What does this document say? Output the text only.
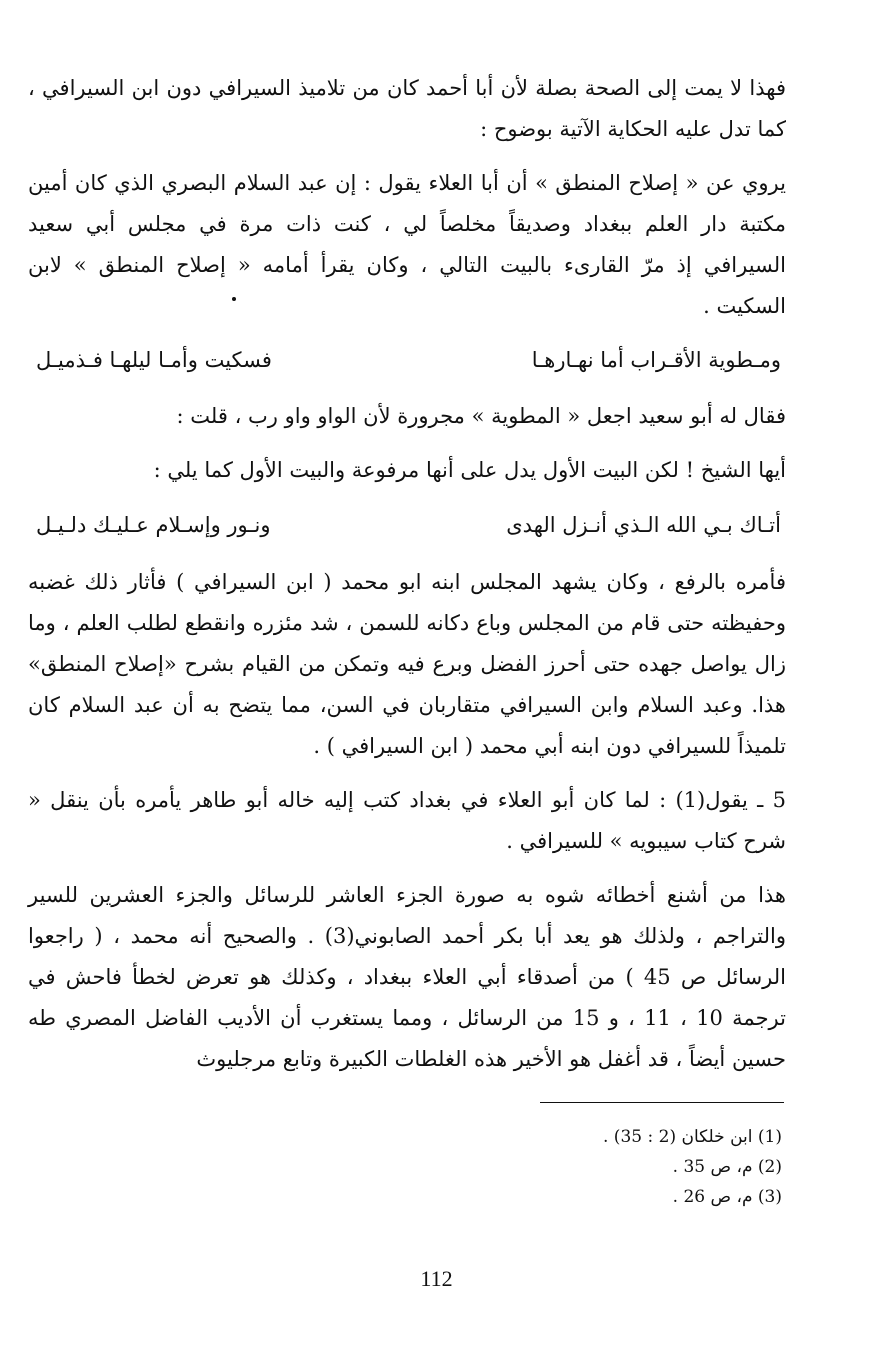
فهذا لا يمت إلى الصحة بصلة لأن أبا أحمد كان من تلاميذ السيرافي دون ابن السيرافي ، كما تدل عليه الحكاية الآتية بوضوح :
يروي عن « إصلاح المنطق » أن أبا العلاء يقول : إن عبد السلام البصري الذي كان أمين مكتبة دار العلم ببغداد وصديقاً مخلصاً لي ، كنت ذات مرة في مجلس أبي سعيد السيرافي إذ مرّ القارىء بالبيت التالي ، وكان يقرأ أمامه « إصلاح المنطق » لابن السكيت .
ومـطوية الأقـراب أما نهـارهـا
فسكيت وأمـا ليلهـا فـذميـل
فقال له أبو سعيد اجعل « المطوية » مجرورة لأن الواو واو رب ، قلت :
أيها الشيخ ! لكن البيت الأول يدل على أنها مرفوعة والبيت الأول كما يلي :
أتـاك بـي الله الـذي أنـزل الهدى
ونـور وإسـلام عـليـك دلـيـل
فأمره بالرفع ، وكان يشهد المجلس ابنه ابو محمد ( ابن السيرافي ) فأثار ذلك غضبه وحفيظته حتى قام من المجلس وباع دكانه للسمن ، شد مئزره وانقطع لطلب العلم ، وما زال يواصل جهده حتى أحرز الفضل وبرع فيه وتمكن من القيام بشرح «إصلاح المنطق» هذا. وعبد السلام وابن السيرافي متقاربان في السن، مما يتضح به أن عبد السلام كان تلميذاً للسيرافي دون ابنه أبي محمد ( ابن السيرافي ) .
5 ـ يقول(1) : لما كان أبو العلاء في بغداد كتب إليه خاله أبو طاهر يأمره بأن ينقل « شرح كتاب سيبويه » للسيرافي .
هذا من أشنع أخطائه شوه به صورة الجزء العاشر للرسائل والجزء العشرين للسير والتراجم ، ولذلك هو يعد أبا بكر أحمد الصابوني(3) . والصحيح أنه محمد ، ( راجعوا الرسائل ص 45 ) من أصدقاء أبي العلاء ببغداد ، وكذلك هو تعرض لخطأ فاحش في ترجمة 10 ، 11 ، و 15 من الرسائل ، ومما يستغرب أن الأديب الفاضل المصري طه حسين أيضاً ، قد أغفل هو الأخير هذه الغلطات الكبيرة وتابع مرجليوث
(1) ابن خلكان (2 : 35) .
(2) م، ص 35 .
(3) م، ص 26 .
112
